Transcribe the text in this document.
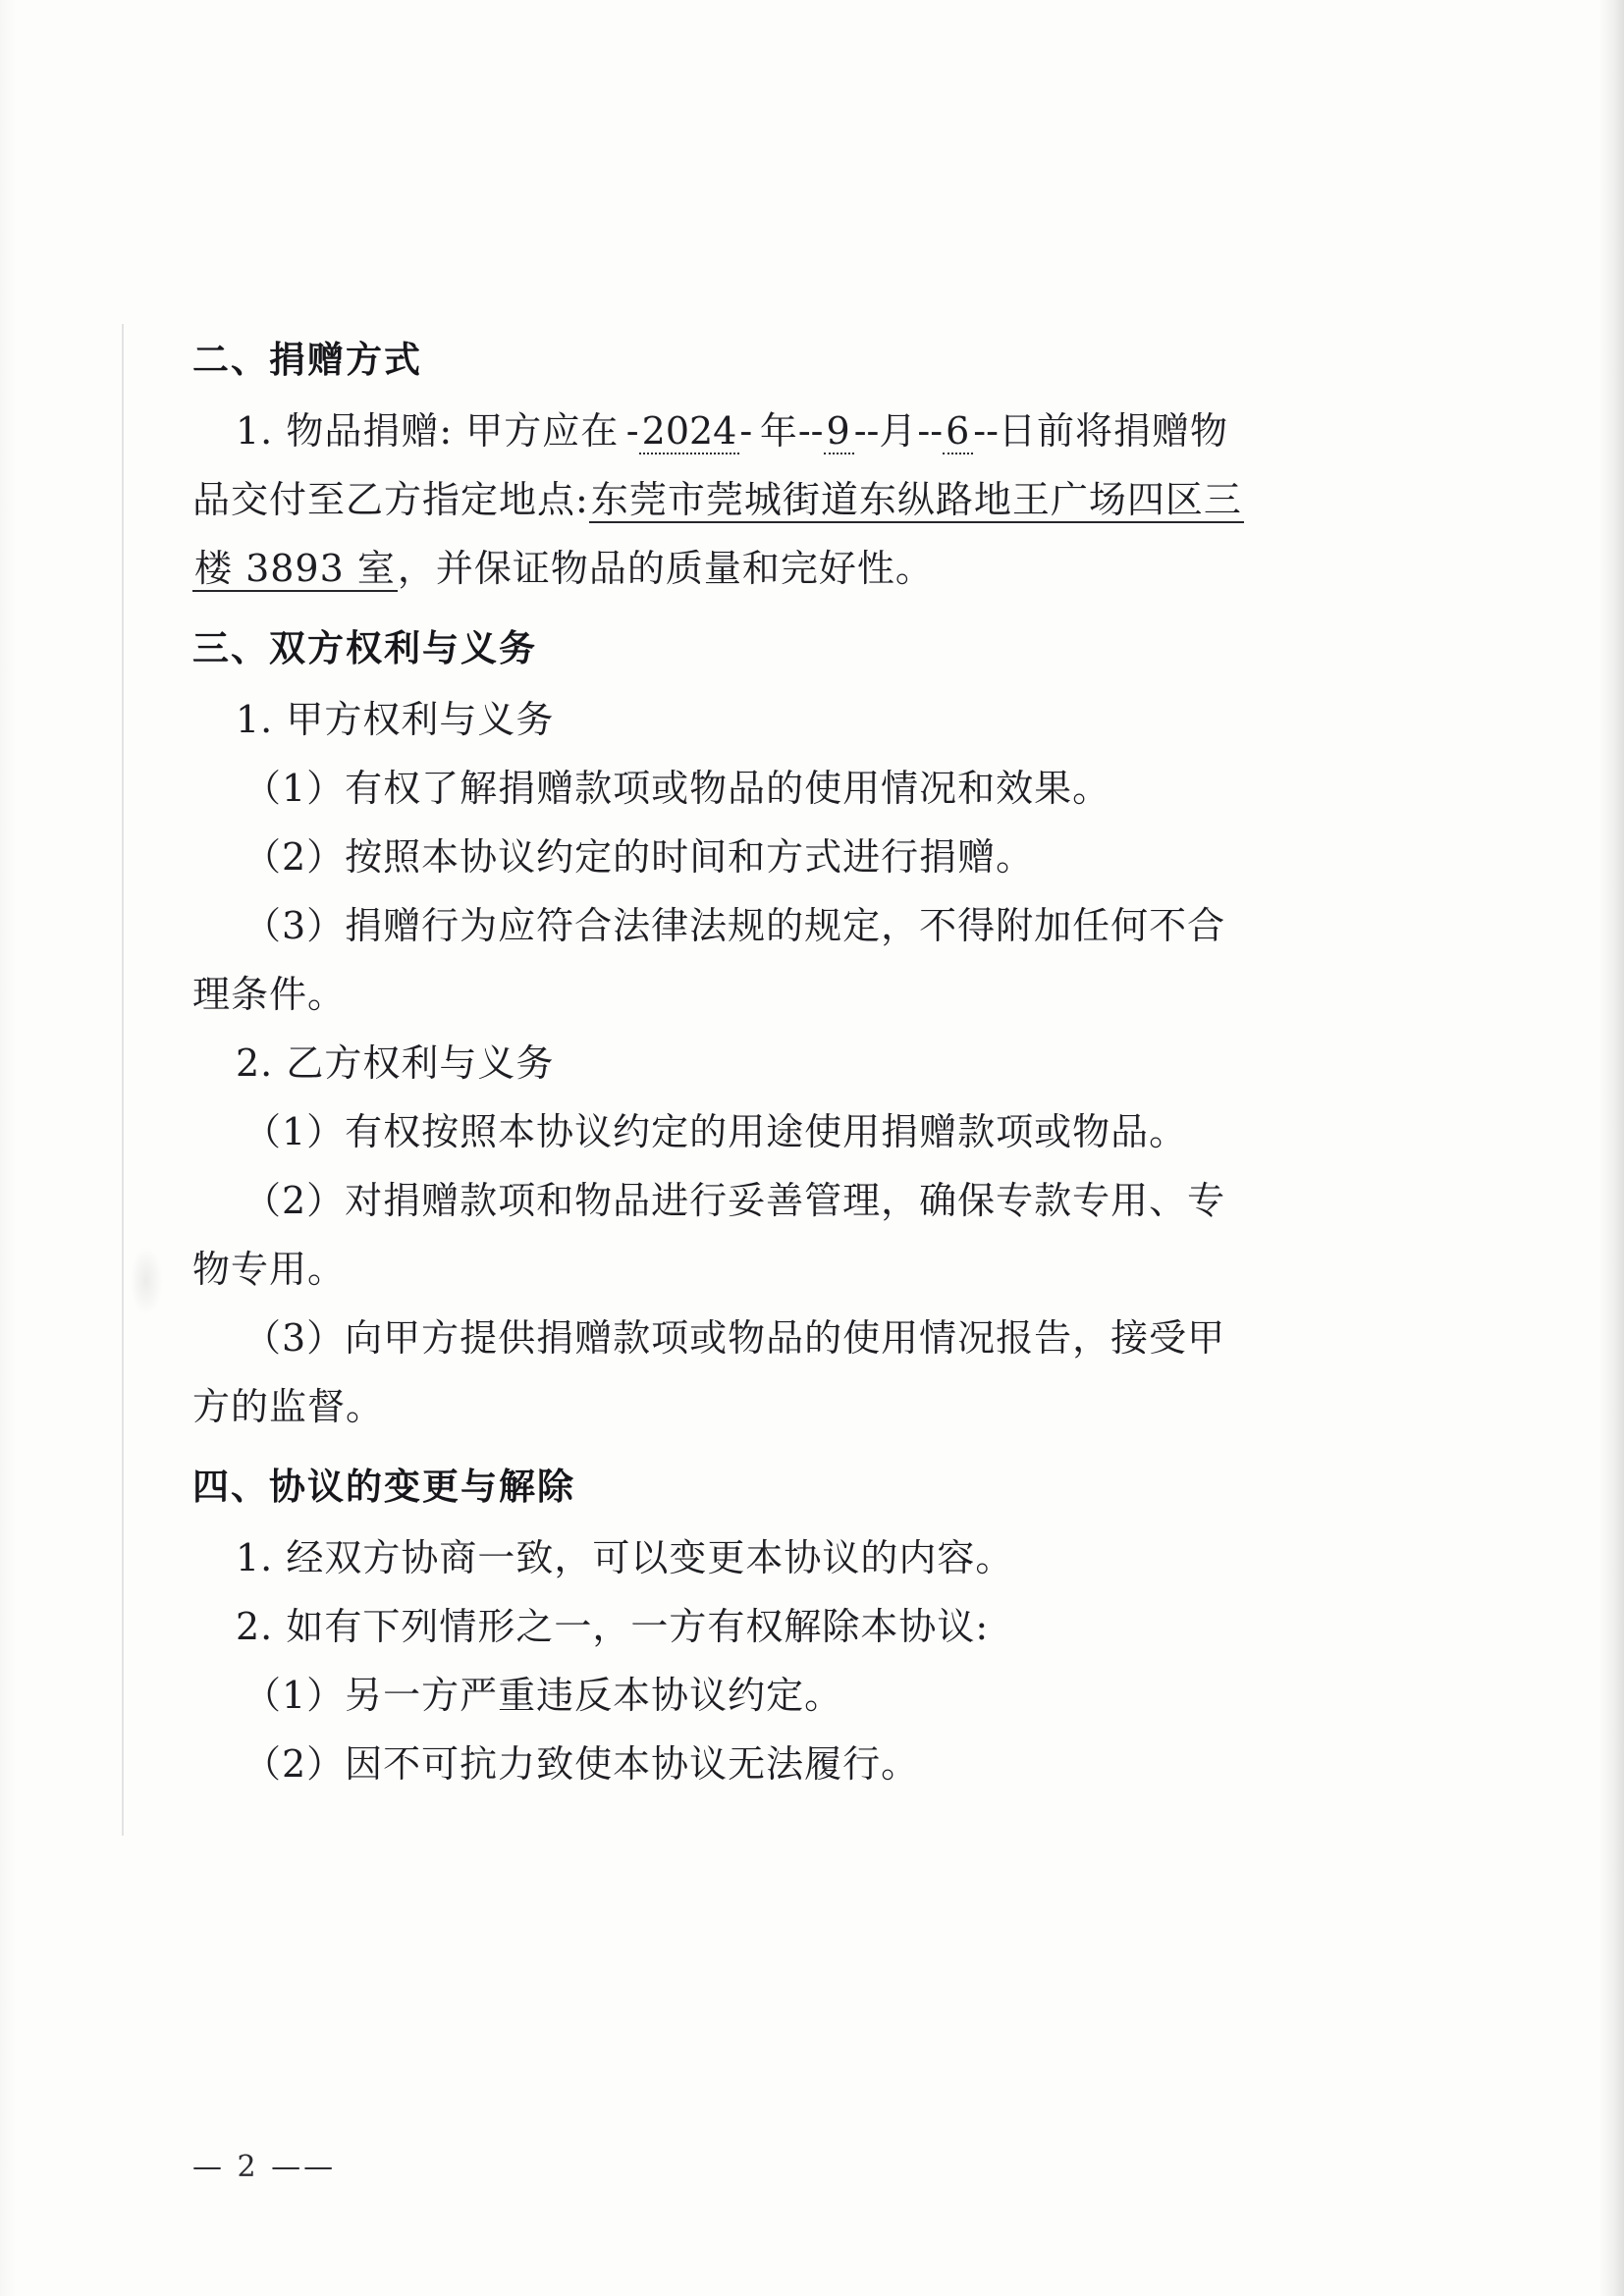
二、捐赠方式
1. 物品捐赠: 甲方应在 -2024- 年--9--月--6--日前将捐赠物
品交付至乙方指定地点:东莞市莞城街道东纵路地王广场四区三
楼 3893 室，并保证物品的质量和完好性。
三、双方权利与义务
1. 甲方权利与义务
（1）有权了解捐赠款项或物品的使用情况和效果。
（2）按照本协议约定的时间和方式进行捐赠。
（3）捐赠行为应符合法律法规的规定，不得附加任何不合
理条件。
2. 乙方权利与义务
（1）有权按照本协议约定的用途使用捐赠款项或物品。
（2）对捐赠款项和物品进行妥善管理，确保专款专用、专
物专用。
（3）向甲方提供捐赠款项或物品的使用情况报告，接受甲
方的监督。
四、协议的变更与解除
1. 经双方协商一致，可以变更本协议的内容。
2. 如有下列情形之一，一方有权解除本协议:
（1）另一方严重违反本协议约定。
（2）因不可抗力致使本协议无法履行。
— 2 ——
